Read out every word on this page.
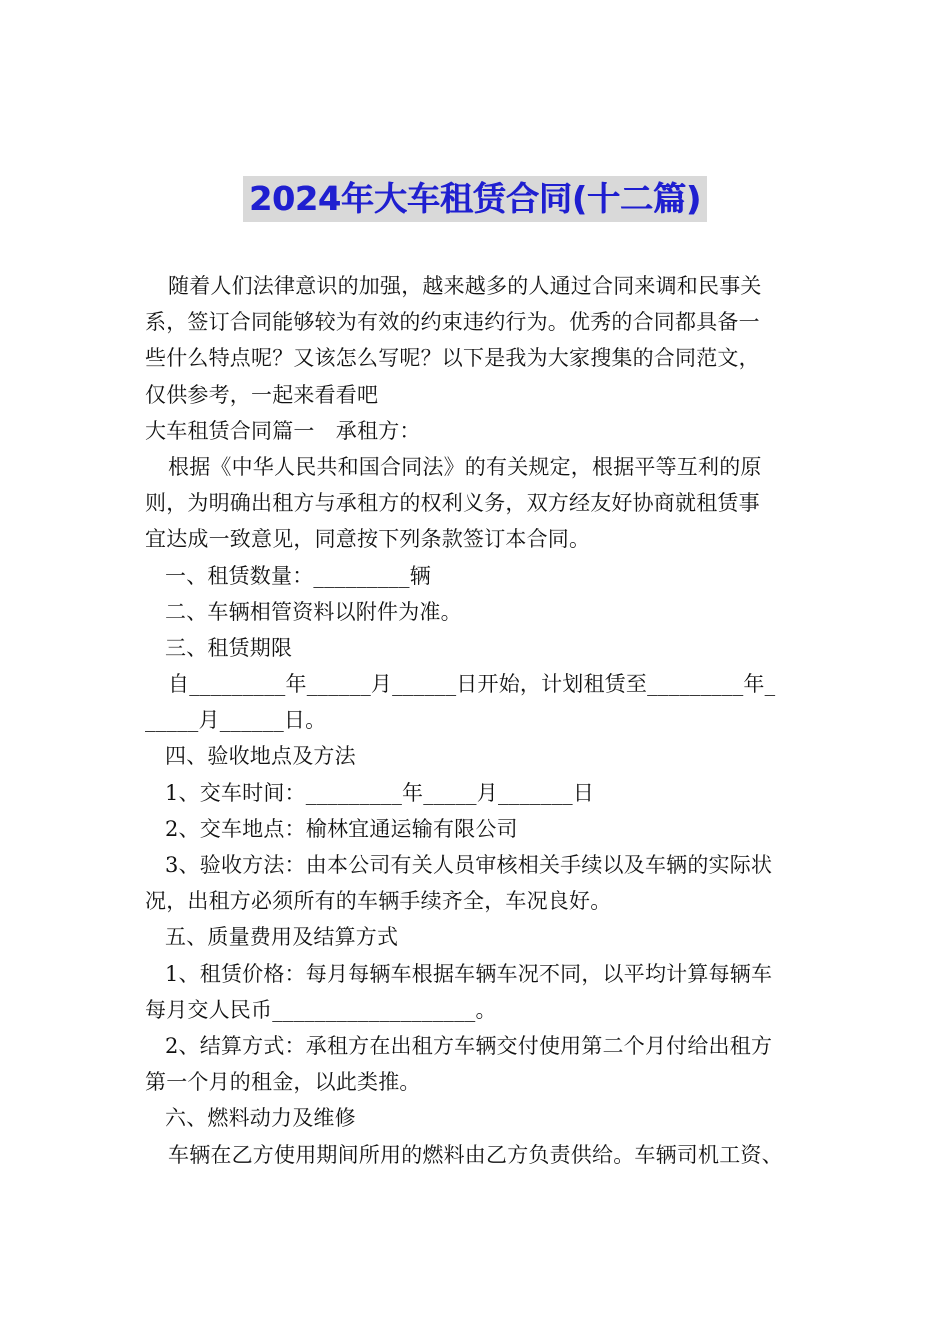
2024年大车租赁合同(十二篇)
随着人们法律意识的加强，越来越多的人通过合同来调和民事关
系，签订合同能够较为有效的约束违约行为。优秀的合同都具备一
些什么特点呢？又该怎么写呢？以下是我为大家搜集的合同范文，
仅供参考，一起来看看吧
大车租赁合同篇一　承租方：
根据《中华人民共和国合同法》的有关规定，根据平等互利的原
则，为明确出租方与承租方的权利义务，双方经友好协商就租赁事
宜达成一致意见，同意按下列条款签订本合同。
一、租赁数量：_________辆
二、车辆相管资料以附件为准。
三、租赁期限
自_________年______月______日开始，计划租赁至_________年_
_____月______日。
四、验收地点及方法
1、交车时间：_________年_____月_______日
2、交车地点：榆林宜通运输有限公司
3、验收方法：由本公司有关人员审核相关手续以及车辆的实际状
况，出租方必须所有的车辆手续齐全，车况良好。
五、质量费用及结算方式
1、租赁价格：每月每辆车根据车辆车况不同，以平均计算每辆车
每月交人民币___________________。
2、结算方式：承租方在出租方车辆交付使用第二个月付给出租方
第一个月的租金，以此类推。
六、燃料动力及维修
车辆在乙方使用期间所用的燃料由乙方负责供给。车辆司机工资、
